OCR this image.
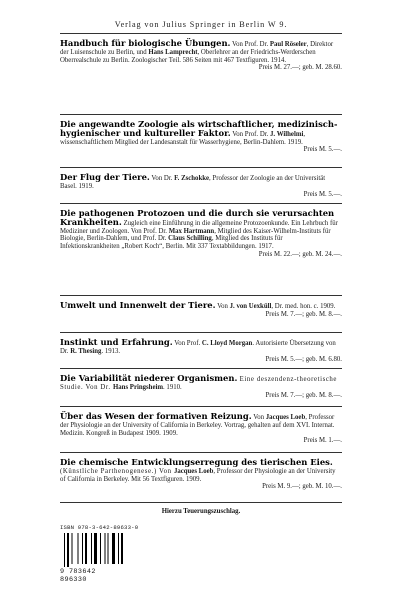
Verlag von Julius Springer in Berlin W 9.
Handbuch für biologische Übungen. Von Prof. Dr. Paul Röseler, Direktor der Luisenschule zu Berlin, und Hans Lamprecht, Oberlehrer an der Friedrichs-Werderschen Oberrealschule zu Berlin. Zoologischer Teil. 586 Seiten mit 467 Textfiguren. 1914.
Preis M. 27.—; geb. M. 28.60.
Die angewandte Zoologie als wirtschaftlicher, medizinisch-hygienischer und kultureller Faktor. Von Prof. Dr. J. Wilhelmi, wissenschaftlichem Mitglied der Landesanstalt für Wasserhygiene, Berlin-Dahlem. 1919.
Preis M. 5.—.
Der Flug der Tiere. Von Dr. F. Zschokke, Professor der Zoologie an der Universität Basel. 1919.
Preis M. 5.—.
Die pathogenen Protozoen und die durch sie verursachten Krankheiten. Zugleich eine Einführung in die allgemeine Protozoenkunde. Ein Lehrbuch für Mediziner und Zoologen. Von Prof. Dr. Max Hartmann, Mitglied des Kaiser-Wilhelm-Instituts für Biologie, Berlin-Dahlem, und Prof. Dr. Claus Schilling, Mitglied des Instituts für Infektionskrankheiten „Robert Koch“, Berlin. Mit 337 Textabbildungen. 1917.
Preis M. 22.—; geb. M. 24.—.
Umwelt und Innenwelt der Tiere. Von J. von Uexküll, Dr. med. hon. c. 1909.
Preis M. 7.—; geb. M. 8.—.
Instinkt und Erfahrung. Von Prof. C. Lloyd Morgan. Autorisierte Übersetzung von Dr. R. Thesing. 1913.
Preis M. 5.—; geb. M. 6.80.
Die Variabilität niederer Organismen. Eine deszendenz-theoretische Studie. Von Dr. Hans Pringsheim. 1910.
Preis M. 7.—; geb. M. 8.—.
Über das Wesen der formativen Reizung. Von Jacques Loeb, Professor der Physiologie an der University of California in Berkeley. Vortrag, gehalten auf dem XVI. Internat. Medizin. Kongreß in Budapest 1909. 1909.
Preis M. 1.—.
Die chemische Entwicklungserregung des tierischen Eies. (Künstliche Parthenogenese.) Von Jacques Loeb, Professor der Physiologie an der University of California in Berkeley. Mit 56 Textfiguren. 1909.
Preis M. 9.—; geb. M. 10.—.
Hierzu Teuerungszuschlag.
ISBN 978-3-642-89633-0
9 783642 896330
